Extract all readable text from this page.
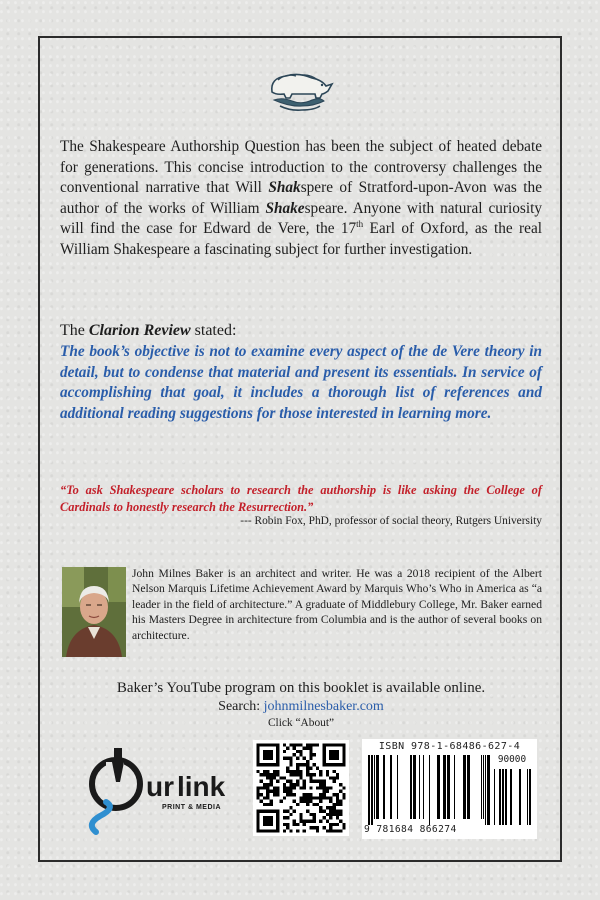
The Shakespeare Authorship Question has been the subject of heated debate for generations. This concise introduction to the controversy challenges the conventional narrative that Will Shakspere of Stratford-upon-Avon was the author of the works of William Shakespeare. Anyone with natural curiosity will find the case for Edward de Vere, the 17th Earl of Oxford, as the real William Shakespeare a fascinating subject for further investigation.

The Clarion Review stated:

The book’s objective is not to examine every aspect of the de Vere theory in detail, but to condense that material and present its essentials. In service of accomplishing that goal, it includes a thorough list of references and additional reading suggestions for those interested in learning more.

“To ask Shakespeare scholars to research the authorship is like asking the College of Cardinals to honestly research the Resurrection.”

--- Robin Fox, PhD, professor of social theory, Rutgers University

John Milnes Baker is an architect and writer. He was a 2018 recipient of the Albert Nelson Marquis Lifetime Achievement Award by Marquis Who’s Who in America as “a leader in the field of architecture.” A graduate of Middlebury College, Mr. Baker earned his Masters Degree in architecture from Columbia and is the author of several books on architecture.

Baker’s YouTube program on this booklet is available online.
Search: johnmilnesbaker.com
Click “About”
ur link
PRINT & MEDIA
ISBN 978-1-68486-627-4
90000
9 781684 866274
